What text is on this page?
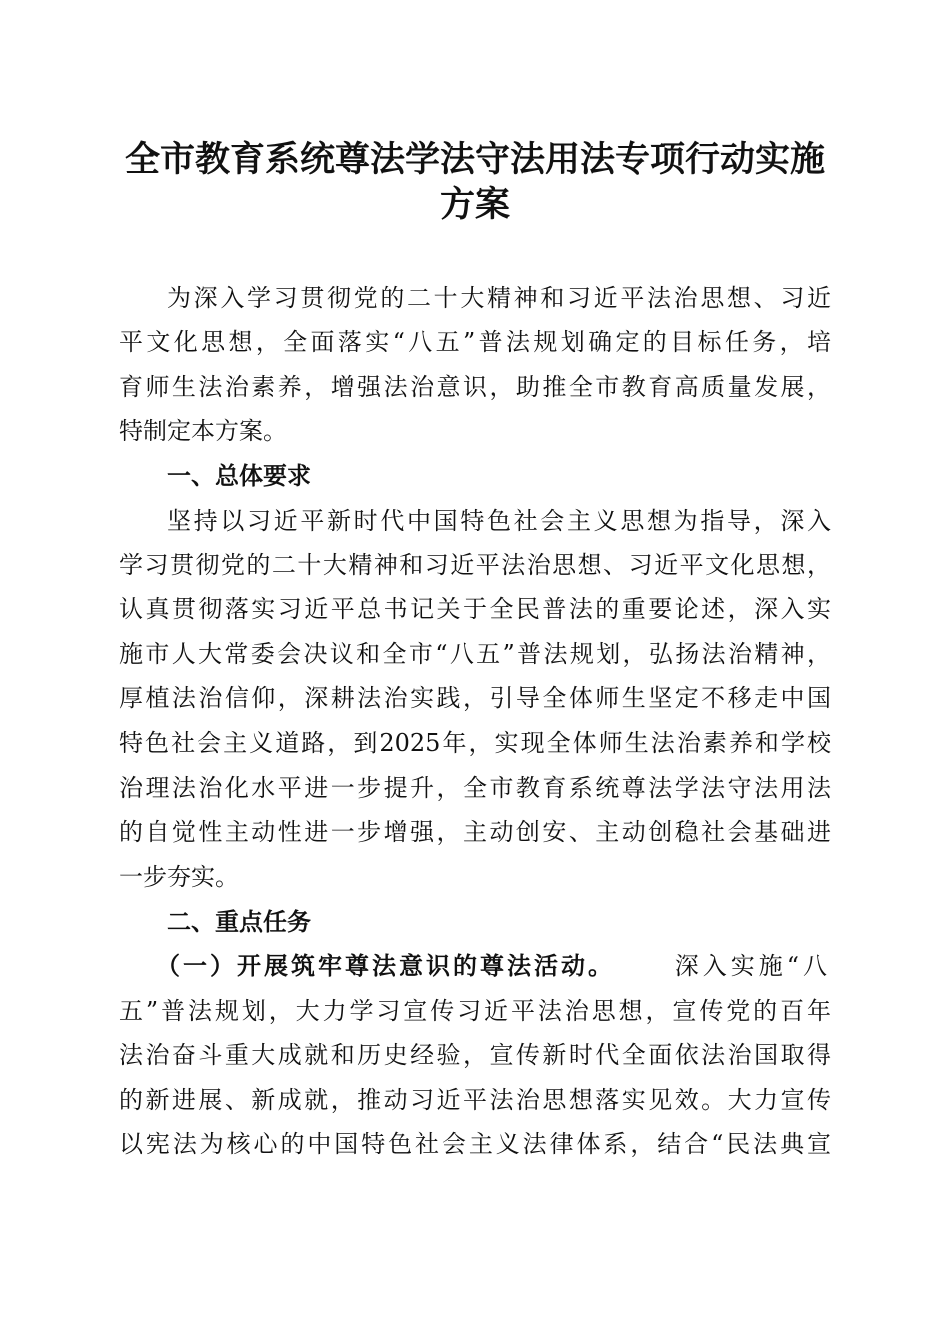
全市教育系统尊法学法守法用法专项行动实施
方案
为深入学习贯彻党的二十大精神和习近平法治思想、习近
平文化思想，全面落实“八五”普法规划确定的目标任务，培
育师生法治素养，增强法治意识，助推全市教育高质量发展，
特制定本方案。
一、总体要求
坚持以习近平新时代中国特色社会主义思想为指导，深入
学习贯彻党的二十大精神和习近平法治思想、习近平文化思想，
认真贯彻落实习近平总书记关于全民普法的重要论述，深入实
施市人大常委会决议和全市“八五”普法规划，弘扬法治精神，
厚植法治信仰，深耕法治实践，引导全体师生坚定不移走中国
特色社会主义道路，到2025年，实现全体师生法治素养和学校
治理法治化水平进一步提升，全市教育系统尊法学法守法用法
的自觉性主动性进一步增强，主动创安、主动创稳社会基础进
一步夯实。
二、重点任务
（一）开展筑牢尊法意识的尊法活动。 深入实施“八
五”普法规划，大力学习宣传习近平法治思想，宣传党的百年
法治奋斗重大成就和历史经验，宣传新时代全面依法治国取得
的新进展、新成就，推动习近平法治思想落实见效。大力宣传
以宪法为核心的中国特色社会主义法律体系，结合“民法典宣
